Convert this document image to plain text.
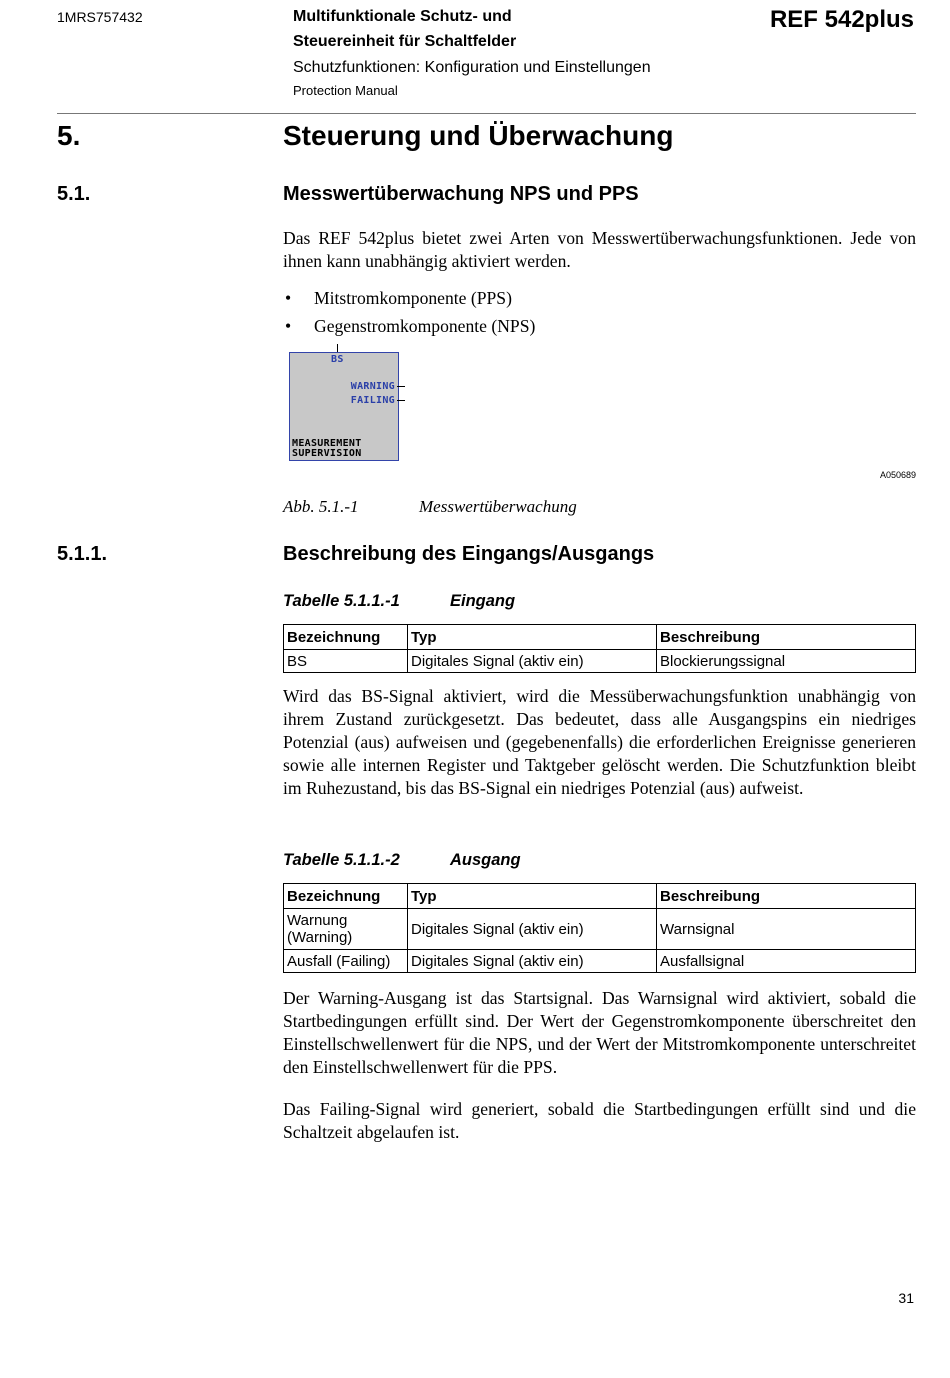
1MRS757432	Multifunktionale Schutz- und
Steuereinheit für Schaltfelder
Schutzfunktionen: Konfiguration und Einstellungen
Protection Manual
REF 542plus
5.	Steuerung und Überwachung
5.1.	Messwertüberwachung NPS und PPS
Das REF 542plus bietet zwei Arten von Messwertüberwachungsfunktionen. Jede von ihnen kann unabhängig aktiviert werden.
• Mitstromkomponente (PPS)
• Gegenstromkomponente (NPS)
BS
WARNING
FAILING
MEASUREMENT
SUPERVISION
A050689
Abb. 5.1.-1	Messwertüberwachung
5.1.1.	Beschreibung des Eingangs/Ausgangs
Tabelle 5.1.1.-1	Eingang
Bezeichnung	Typ	Beschreibung
BS	Digitales Signal (aktiv ein)	Blockierungssignal
Wird das BS-Signal aktiviert, wird die Messüberwachungsfunktion unabhängig von ihrem Zustand zurückgesetzt. Das bedeutet, dass alle Ausgangspins ein niedriges Potenzial (aus) aufweisen und (gegebenenfalls) die erforderlichen Ereignisse generieren sowie alle internen Register und Taktgeber gelöscht werden. Die Schutzfunktion bleibt im Ruhezustand, bis das BS-Signal ein niedriges Potenzial (aus) aufweist.
Tabelle 5.1.1.-2	Ausgang
Bezeichnung	Typ	Beschreibung
Warnung (Warning)	Digitales Signal (aktiv ein)	Warnsignal
Ausfall (Failing)	Digitales Signal (aktiv ein)	Ausfallsignal
Der Warning-Ausgang ist das Startsignal. Das Warnsignal wird aktiviert, sobald die Startbedingungen erfüllt sind. Der Wert der Gegenstromkomponente überschreitet den Einstellschwellenwert für die NPS, und der Wert der Mitstromkomponente unterschreitet den Einstellschwellenwert für die PPS.
Das Failing-Signal wird generiert, sobald die Startbedingungen erfüllt sind und die Schaltzeit abgelaufen ist.
31
